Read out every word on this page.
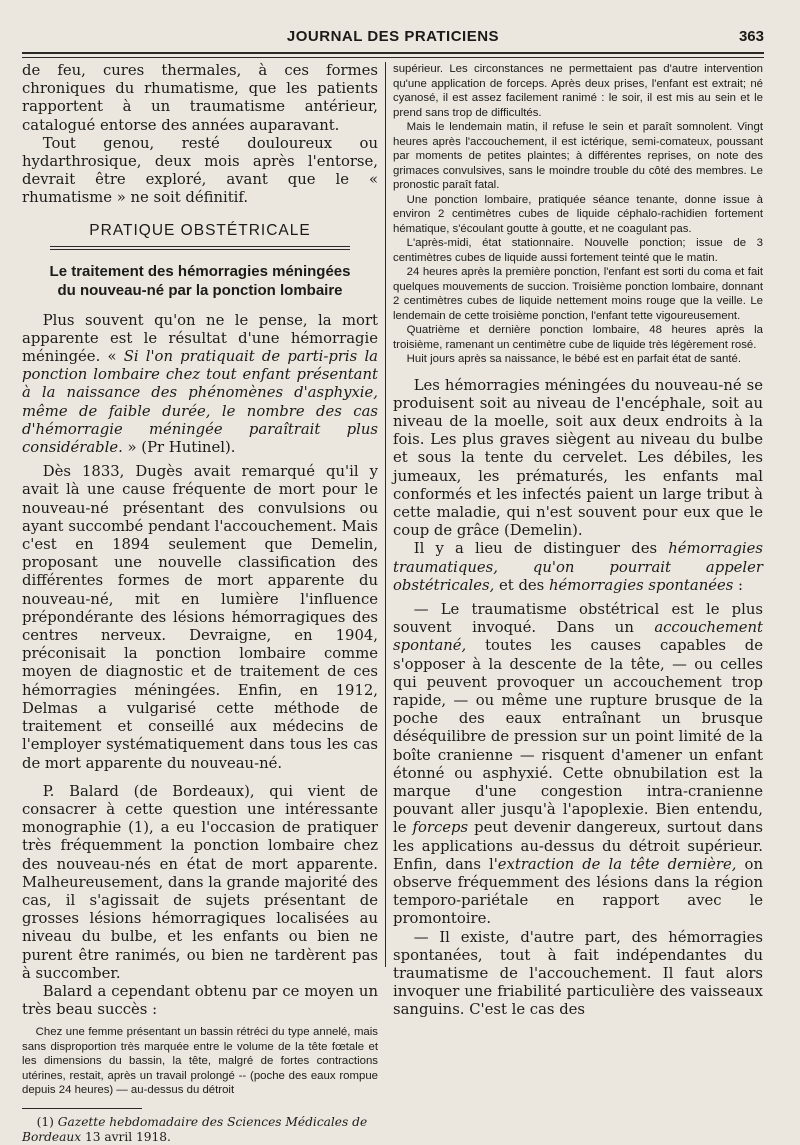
JOURNAL DES PRATICIENS	363

de feu, cures thermales, à ces formes chroniques du rhumatisme, que les patients rapportent à un traumatisme antérieur, catalogué entorse des années auparavant.

Tout genou, resté douloureux ou hydarthrosique, deux mois après l'entorse, devrait être exploré, avant que le « rhumatisme » ne soit définitif.

PRATIQUE OBSTÉTRICALE
Le traitement des hémorragies méningées
du nouveau-né par la ponction lombaire

Plus souvent qu'on ne le pense, la mort apparente est le résultat d'une hémorragie méningée. « Si l'on pratiquait de parti-pris la ponction lombaire chez tout enfant présentant à la naissance des phénomènes d'asphyxie, même de faible durée, le nombre des cas d'hémorragie méningée paraîtrait plus considérable. » (Pr Hutinel).

Dès 1833, Dugès avait remarqué qu'il y avait là une cause fréquente de mort pour le nouveau-né présentant des convulsions ou ayant succombé pendant l'accouchement. Mais c'est en 1894 seulement que Demelin, proposant une nouvelle classification des différentes formes de mort apparente du nouveau-né, mit en lumière l'influence prépondérante des lésions hémorragiques des centres nerveux. Devraigne, en 1904, préconisait la ponction lombaire comme moyen de diagnostic et de traitement de ces hémorragies méningées. Enfin, en 1912, Delmas a vulgarisé cette méthode de traitement et conseillé aux médecins de l'employer systématiquement dans tous les cas de mort apparente du nouveau-né.

P. Balard (de Bordeaux), qui vient de consacrer à cette question une intéressante monographie (1), a eu l'occasion de pratiquer très fréquemment la ponction lombaire chez des nouveau-nés en état de mort apparente. Malheureusement, dans la grande majorité des cas, il s'agissait de sujets présentant de grosses lésions hémorragiques localisées au niveau du bulbe, et les enfants ou bien ne purent être ranimés, ou bien ne tardèrent pas à succomber.

Balard a cependant obtenu par ce moyen un très beau succès :

Chez une femme présentant un bassin rétréci du type annelé, mais sans disproportion très marquée entre le volume de la tête fœtale et les dimensions du bassin, la tête, malgré de fortes contractions utérines, restait, après un travail prolongé -- (poche des eaux rompue depuis 24 heures) — au-dessus du détroit

(1) Gazette hebdomadaire des Sciences Médicales de Bordeaux 13 avril 1918.

supérieur. Les circonstances ne permettaient pas d'autre intervention qu'une application de forceps. Après deux prises, l'enfant est extrait; né cyanosé, il est assez facilement ranimé : le soir, il est mis au sein et le prend sans trop de difficultés.

Mais le lendemain matin, il refuse le sein et paraît somnolent. Vingt heures après l'accouchement, il est ictérique, semi-comateux, poussant par moments de petites plaintes; à différentes reprises, on note des grimaces convulsives, sans le moindre trouble du côté des membres. Le pronostic paraît fatal.

Une ponction lombaire, pratiquée séance tenante, donne issue à environ 2 centimètres cubes de liquide céphalo-rachidien fortement hématique, s'écoulant goutte à goutte, et ne coagulant pas.

L'après-midi, état stationnaire. Nouvelle ponction; issue de 3 centimètres cubes de liquide aussi fortement teinté que le matin.

24 heures après la première ponction, l'enfant est sorti du coma et fait quelques mouvements de succion. Troisième ponction lombaire, donnant 2 centimètres cubes de liquide nettement moins rouge que la veille. Le lendemain de cette troisième ponction, l'enfant tette vigoureusement.

Quatrième et dernière ponction lombaire, 48 heures après la troisième, ramenant un centimètre cube de liquide très légèrement rosé.

Huit jours après sa naissance, le bébé est en parfait état de santé.

Les hémorragies méningées du nouveau-né se produisent soit au niveau de l'encéphale, soit au niveau de la moelle, soit aux deux endroits à la fois. Les plus graves siègent au niveau du bulbe et sous la tente du cervelet. Les débiles, les jumeaux, les prématurés, les enfants mal conformés et les infectés paient un large tribut à cette maladie, qui n'est souvent pour eux que le coup de grâce (Demelin).

Il y a lieu de distinguer des hémorragies traumatiques, qu'on pourrait appeler obstétricales, et des hémorragies spontanées :

— Le traumatisme obstétrical est le plus souvent invoqué. Dans un accouchement spontané, toutes les causes capables de s'opposer à la descente de la tête, — ou celles qui peuvent provoquer un accouchement trop rapide, — ou même une rupture brusque de la poche des eaux entraînant un brusque déséquilibre de pression sur un point limité de la boîte cranienne — risquent d'amener un enfant étonné ou asphyxié. Cette obnubilation est la marque d'une congestion intra-cranienne pouvant aller jusqu'à l'apoplexie. Bien entendu, le forceps peut devenir dangereux, surtout dans les applications au-dessus du détroit supérieur. Enfin, dans l'extraction de la tête dernière, on observe fréquemment des lésions dans la région temporo-pariétale en rapport avec le promontoire.

— Il existe, d'autre part, des hémorragies spontanées, tout à fait indépendantes du traumatisme de l'accouchement. Il faut alors invoquer une friabilité particulière des vaisseaux sanguins. C'est le cas des
